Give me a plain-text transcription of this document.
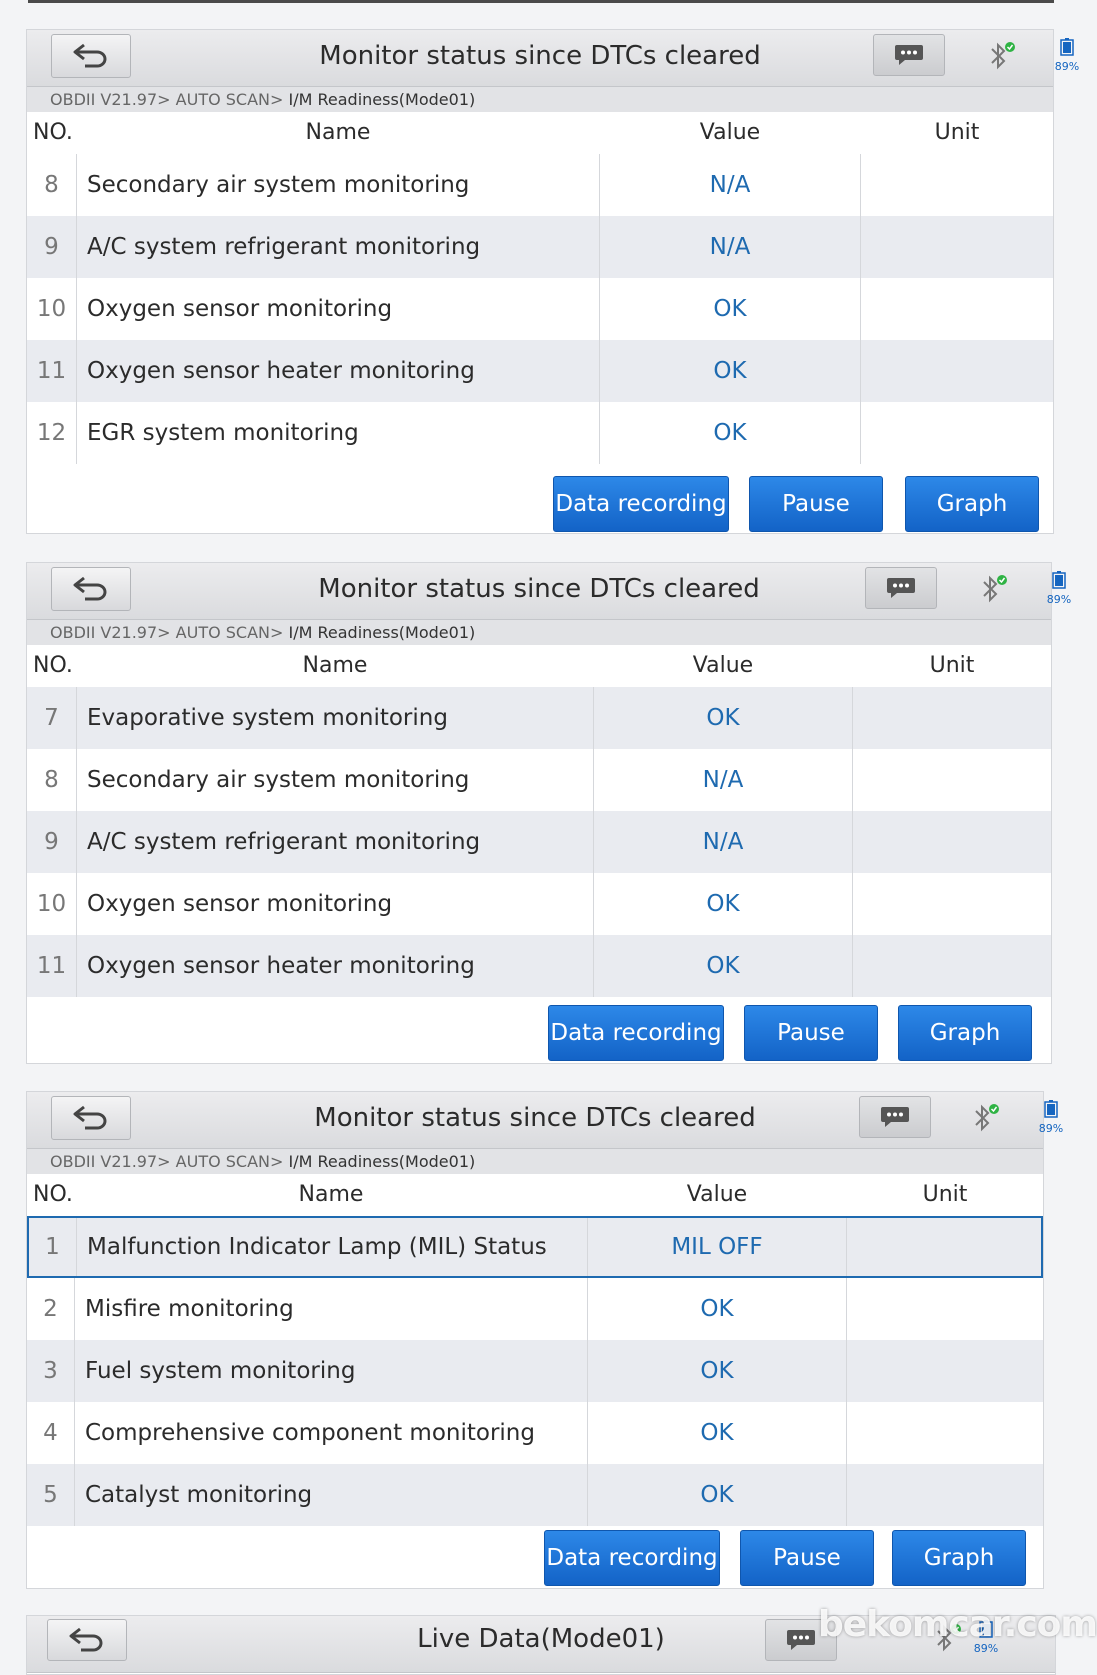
Monitor status since DTCs cleared	89%
OBDII V21.97> AUTO SCAN> I/M Readiness(Mode01)
NO.	Name	Value	Unit
8	Secondary air system monitoring	N/A
9	A/C system refrigerant monitoring	N/A
10 Oxygen sensor monitoring	OK
11 Oxygen sensor heater monitoring	OK
12 EGR system monitoring	OK
Data recording	Pause	Graph
Monitor status since DTCs cleared	89%
OBDII V21.97> AUTO SCAN> I/M Readiness(Mode01)
NO.	Name	Value	Unit
7	Evaporative system monitoring	OK
8	Secondary air system monitoring	N/A
9	A/C system refrigerant monitoring	N/A
10 Oxygen sensor monitoring	OK
11 Oxygen sensor heater monitoring	OK
Data recording	Pause	Graph
Monitor status since DTCs cleared	89%
OBDII V21.97> AUTO SCAN> I/M Readiness(Mode01)
NO.	Name	Value	Unit
1	Malfunction Indicator Lamp (MIL) Status	MIL OFF
2	Misfire monitoring	OK
3	Fuel system monitoring	OK
4	Comprehensive component monitoring	OK
5	Catalyst monitoring	OK
Data recording	Pause	Graph
Live Data(Mode01)	89%
bekomcar.com
